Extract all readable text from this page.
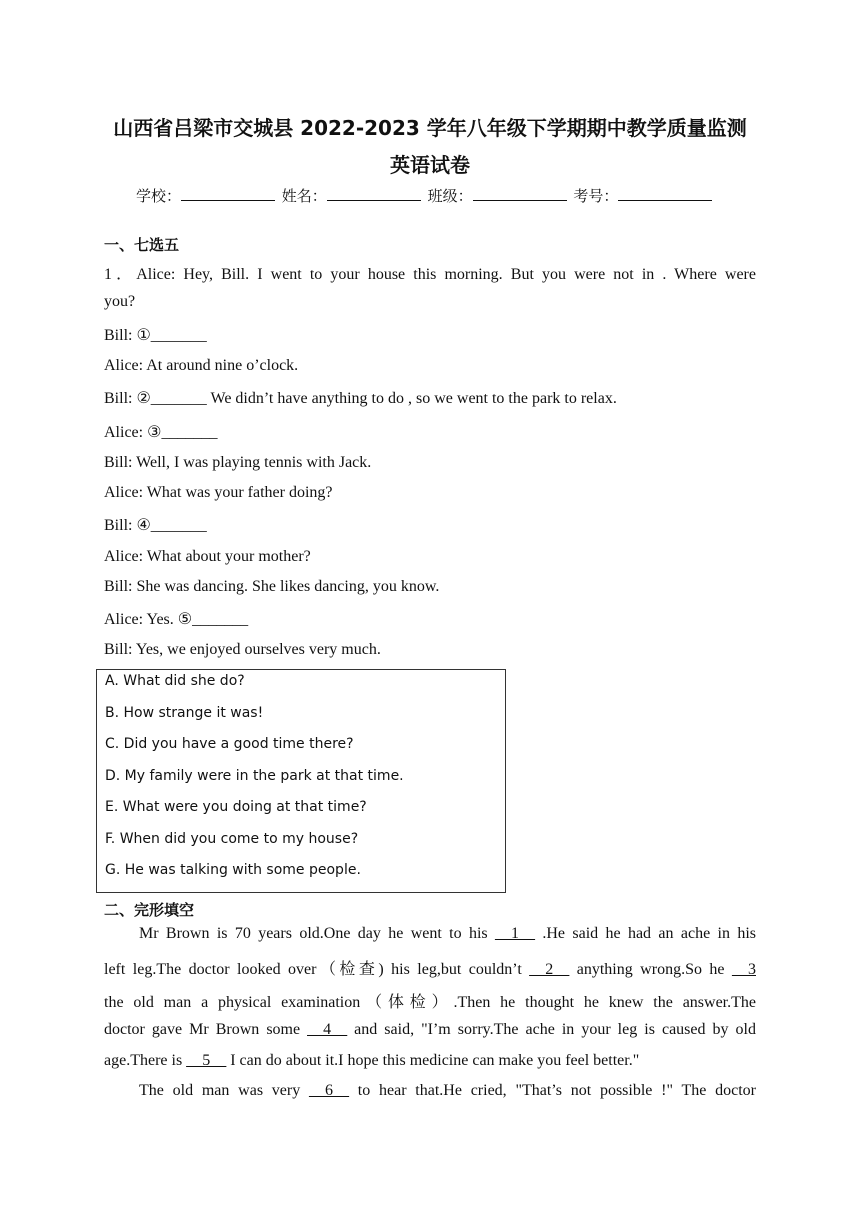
山西省吕梁市交城县 2022-2023 学年八年级下学期期中教学质量监测
英语试卷
学校：	姓名：	班级：	考号：
一、七选五
1．Alice: Hey, Bill. I went to your house this morning. But you were not in . Where were
you?
Bill: ①_______
Alice: At around nine o’clock.
Bill: ②_______ We didn’t have anything to do , so we went to the park to relax.
Alice: ③_______
Bill: Well, I was playing tennis with Jack.
Alice: What was your father doing?
Bill: ④_______
Alice: What about your mother?
Bill: She was dancing. She likes dancing, you know.
Alice: Yes. ⑤_______
Bill: Yes, we enjoyed ourselves very much.
A. What did she do?
B. How strange it was!
C. Did you have a good time there?
D. My family were in the park at that time.
E. What were you doing at that time?
F. When did you come to my house?
G. He was talking with some people.
二、完形填空
Mr Brown is 70 years old.One day he went to his __1__ .He said he had an ache in his
left leg.The doctor looked over（检查) his leg,but couldn’t __2__ anything wrong.So he __3
the old man a physical examination（体检）.Then he thought he knew the answer.The
doctor gave Mr Brown some __4__ and said, "I’m sorry.The ache in your leg is caused by old
age.There is __5__ I can do about it.I hope this medicine can make you feel better."
The old man was very __6__ to hear that.He cried, "That’s not possible !" The doctor
